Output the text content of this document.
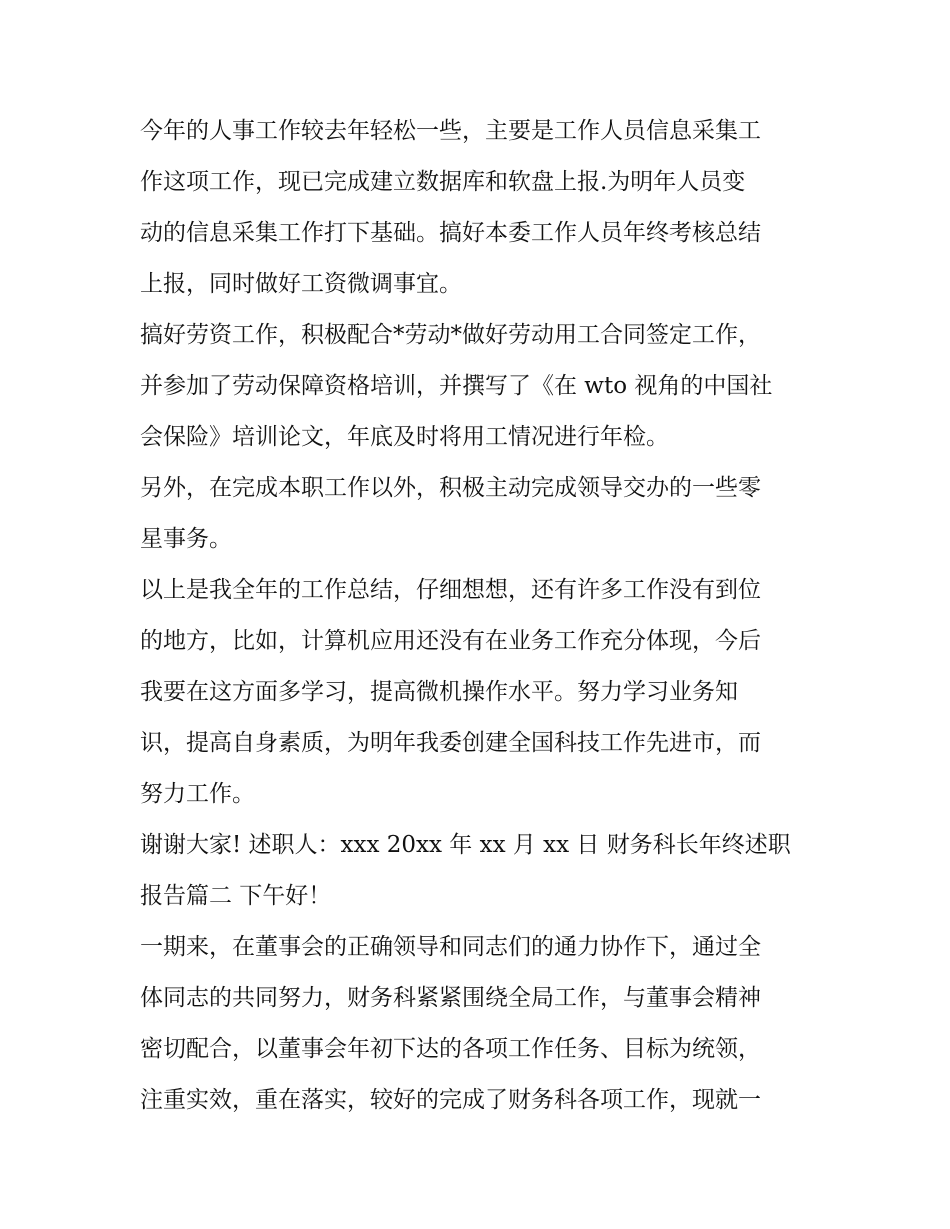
今年的人事工作较去年轻松一些，主要是工作人员信息采集工
作这项工作，现已完成建立数据库和软盘上报.为明年人员变
动的信息采集工作打下基础。搞好本委工作人员年终考核总结
上报，同时做好工资微调事宜。
搞好劳资工作，积极配合*劳动*做好劳动用工合同签定工作，
并参加了劳动保障资格培训，并撰写了《在 wto 视角的中国社
会保险》培训论文，年底及时将用工情况进行年检。
另外，在完成本职工作以外，积极主动完成领导交办的一些零
星事务。
以上是我全年的工作总结，仔细想想，还有许多工作没有到位
的地方，比如，计算机应用还没有在业务工作充分体现，今后
我要在这方面多学习，提高微机操作水平。努力学习业务知
识，提高自身素质，为明年我委创建全国科技工作先进市，而
努力工作。
谢谢大家! 述职人：xxx 20xx 年 xx 月 xx 日 财务科长年终述职
报告篇二 下午好！
一期来，在董事会的正确领导和同志们的通力协作下，通过全
体同志的共同努力，财务科紧紧围绕全局工作，与董事会精神
密切配合，以董事会年初下达的各项工作任务、目标为统领，
注重实效，重在落实，较好的完成了财务科各项工作，现就一
